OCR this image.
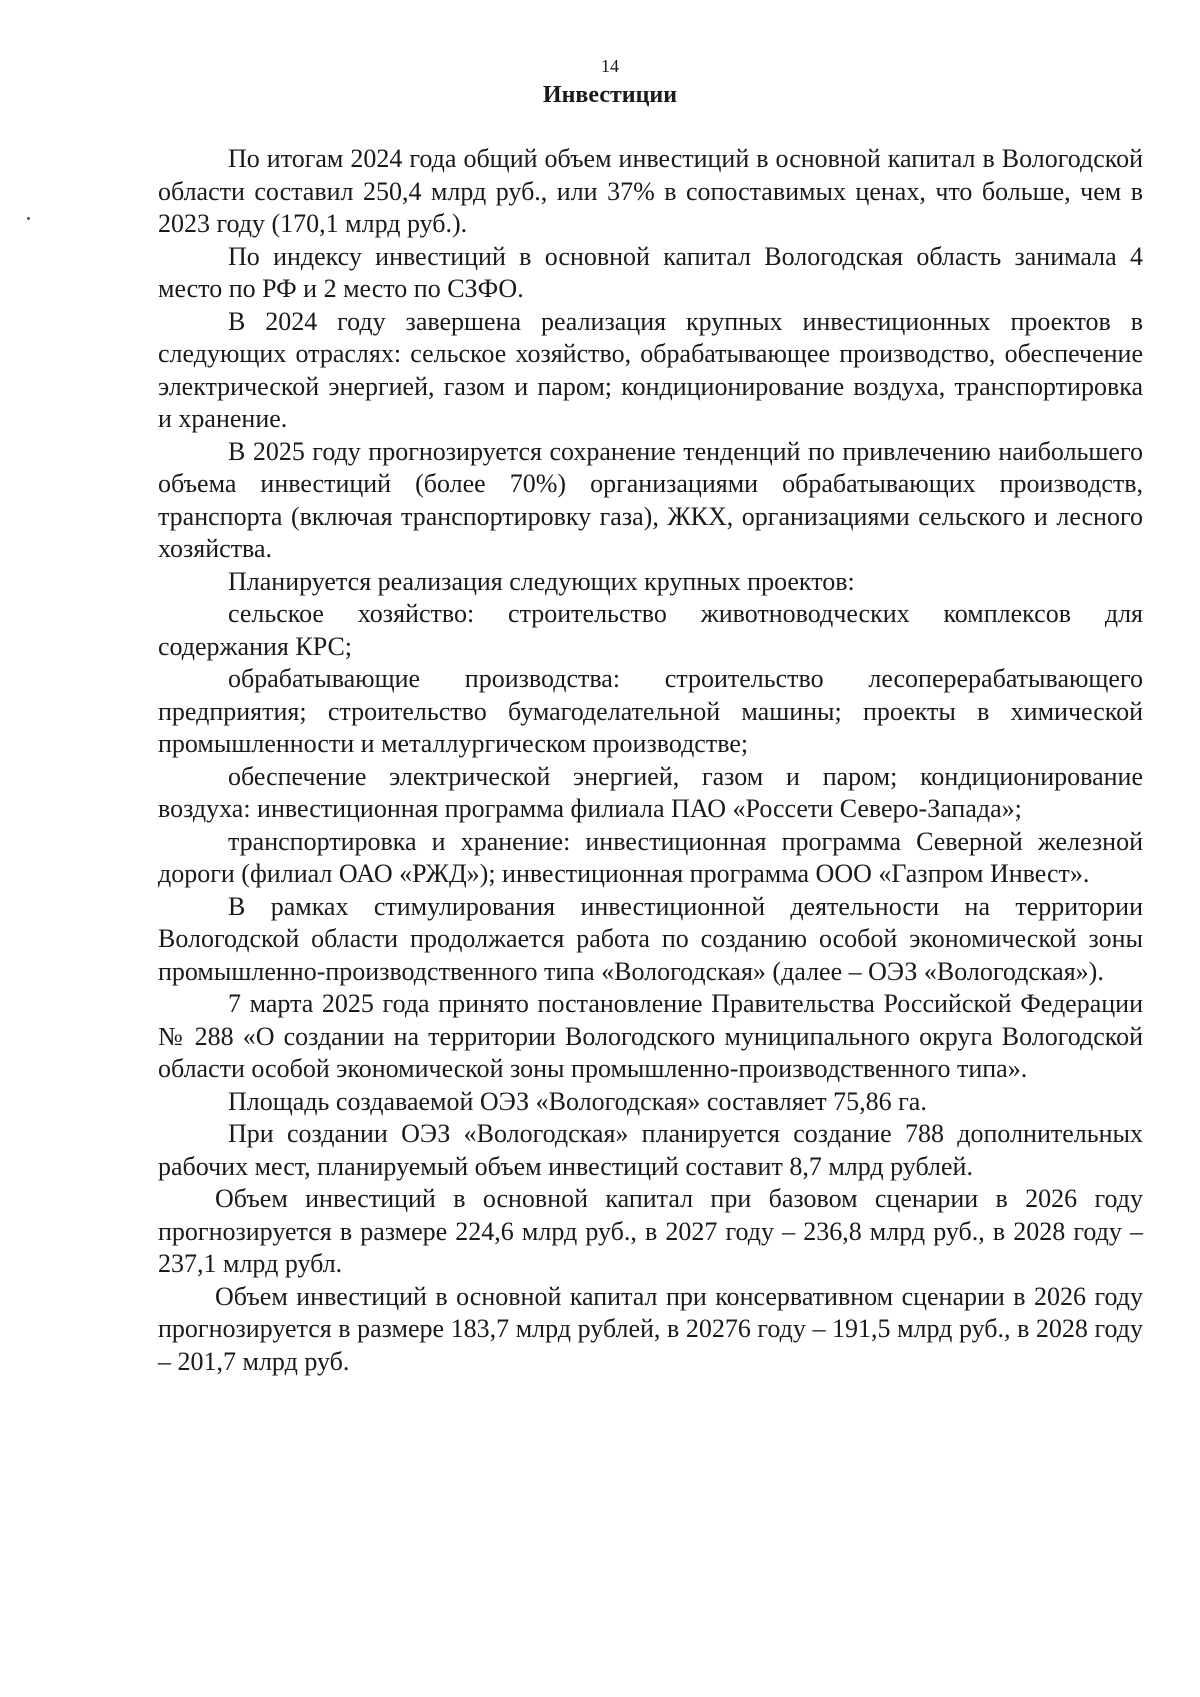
14
Инвестиции

По итогам 2024 года общий объем инвестиций в основной капитал в Вологодской области составил 250,4 млрд руб., или 37% в сопоставимых ценах, что больше, чем в 2023 году (170,1 млрд руб.).

По индексу инвестиций в основной капитал Вологодская область занимала 4 место по РФ и 2 место по СЗФО.

В 2024 году завершена реализация крупных инвестиционных проектов в следующих отраслях: сельское хозяйство, обрабатывающее производство, обеспечение электрической энергией, газом и паром; кондиционирование воздуха, транспортировка и хранение.

В 2025 году прогнозируется сохранение тенденций по привлечению наибольшего объема инвестиций (более 70%) организациями обрабатывающих производств, транспорта (включая транспортировку газа), ЖКХ, организациями сельского и лесного хозяйства.

Планируется реализация следующих крупных проектов:

сельское хозяйство: строительство животноводческих комплексов для содержания КРС;

обрабатывающие производства: строительство лесоперерабатывающего предприятия; строительство бумагоделательной машины; проекты в химической промышленности и металлургическом производстве;

обеспечение электрической энергией, газом и паром; кондиционирование воздуха: инвестиционная программа филиала ПАО «Россети Северо-Запада»;

транспортировка и хранение: инвестиционная программа Северной железной дороги (филиал ОАО «РЖД»); инвестиционная программа ООО «Газпром Инвест».

В рамках стимулирования инвестиционной деятельности на территории Вологодской области продолжается работа по созданию особой экономической зоны промышленно-производственного типа «Вологодская» (далее – ОЭЗ «Вологодская»).

7 марта 2025 года принято постановление Правительства Российской Федерации № 288 «О создании на территории Вологодского муниципального округа Вологодской области особой экономической зоны промышленно-производственного типа».

Площадь создаваемой ОЭЗ «Вологодская» составляет 75,86 га.

При создании ОЭЗ «Вологодская» планируется создание 788 дополнительных рабочих мест, планируемый объем инвестиций составит 8,7 млрд рублей.

Объем инвестиций в основной капитал при базовом сценарии в 2026 году прогнозируется в размере 224,6 млрд руб., в 2027 году – 236,8 млрд руб., в 2028 году – 237,1 млрд рубл.

Объем инвестиций в основной капитал при консервативном сценарии в 2026 году прогнозируется в размере 183,7 млрд рублей, в 20276 году – 191,5 млрд руб., в 2028 году – 201,7 млрд руб.
